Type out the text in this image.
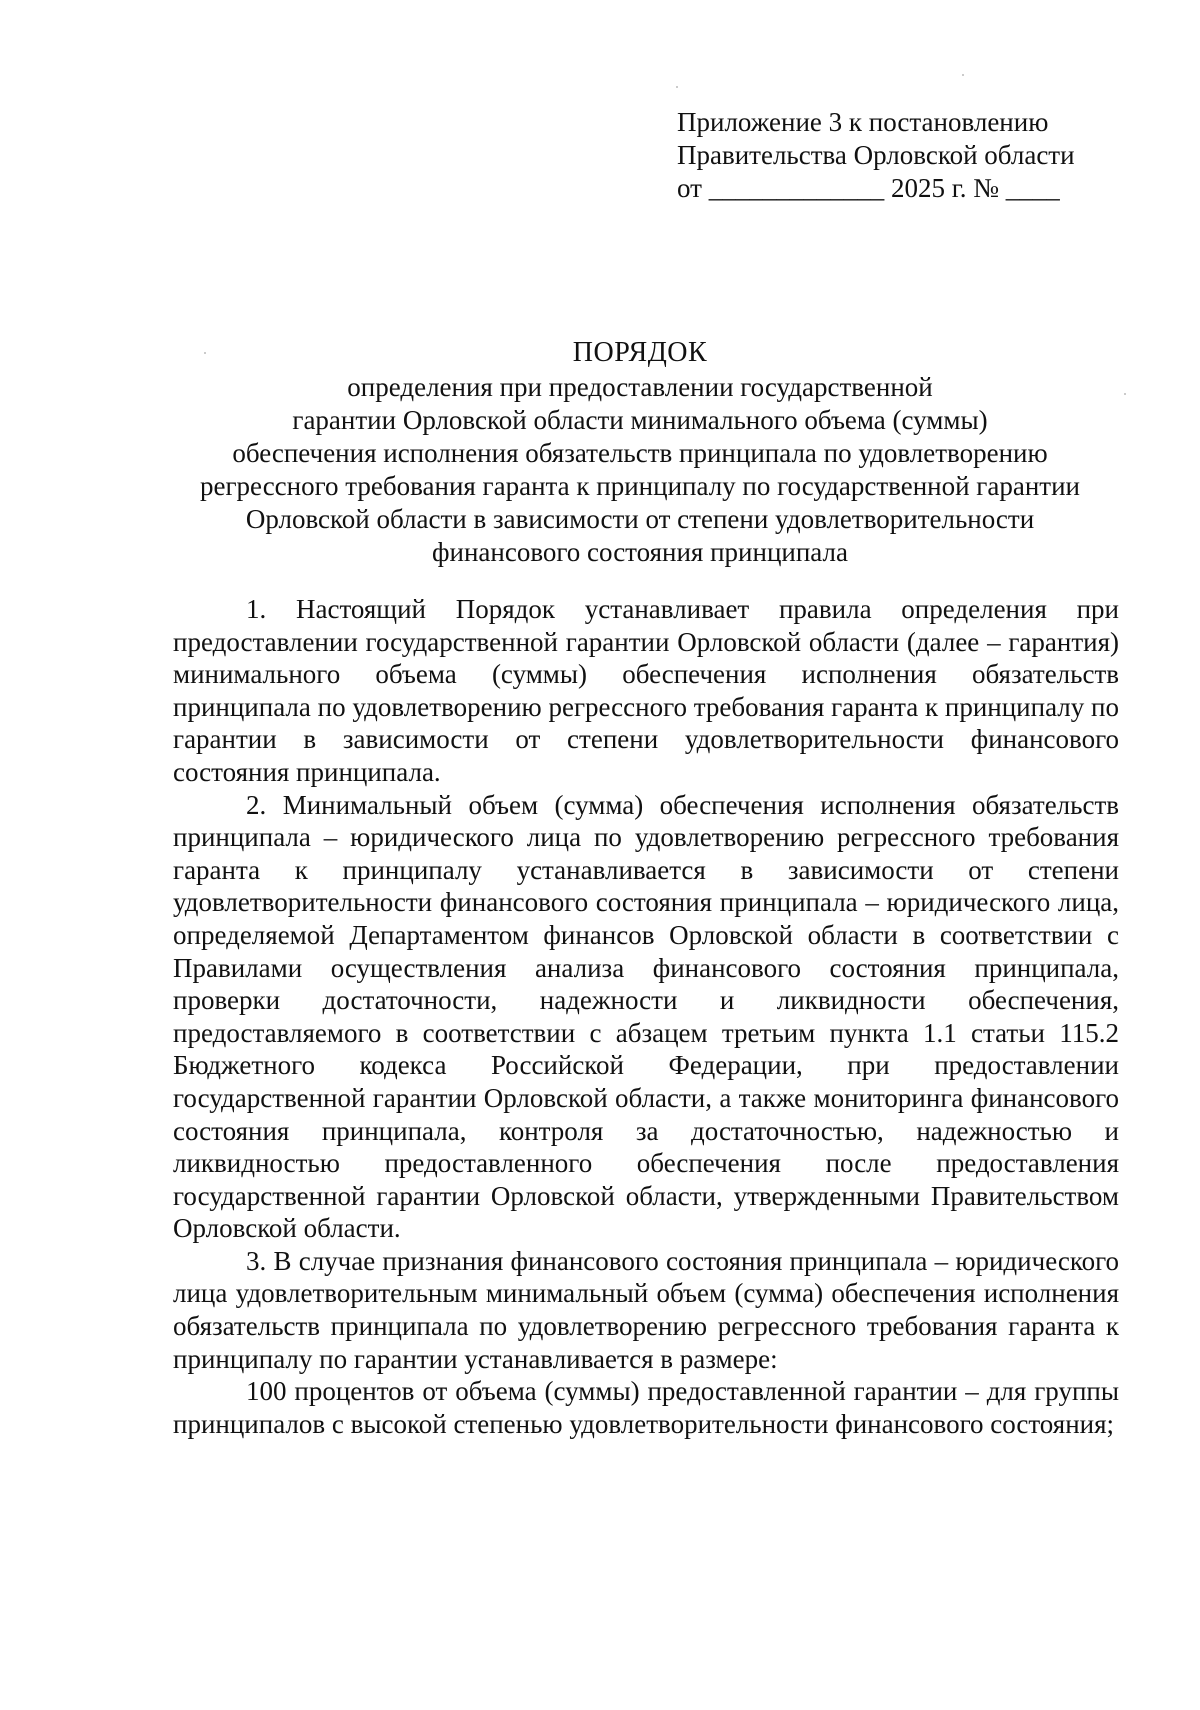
Приложение 3 к постановлению
Правительства Орловской области
от _____________ 2025 г. № ____
ПОРЯДОК
определения при предоставлении государственной
гарантии Орловской области минимального объема (суммы)
обеспечения исполнения обязательств принципала по удовлетворению
регрессного требования гаранта к принципалу по государственной гарантии
Орловской области в зависимости от степени удовлетворительности
финансового состояния принципала

1. Настоящий Порядок устанавливает правила определения при предоставлении государственной гарантии Орловской области (далее – гарантия) минимального объема (суммы) обеспечения исполнения обязательств принципала по удовлетворению регрессного требования гаранта к принципалу по гарантии в зависимости от степени удовлетворительности финансового состояния принципала.

2. Минимальный объем (сумма) обеспечения исполнения обязательств принципала – юридического лица по удовлетворению регрессного требования гаранта к принципалу устанавливается в зависимости от степени удовлетворительности финансового состояния принципала – юридического лица, определяемой Департаментом финансов Орловской области в соответствии с Правилами осуществления анализа финансового состояния принципала, проверки достаточности, надежности и ликвидности обеспечения, предоставляемого в соответствии с абзацем третьим пункта 1.1 статьи 115.2 Бюджетного кодекса Российской Федерации, при предоставлении государственной гарантии Орловской области, а также мониторинга финансового состояния принципала, контроля за достаточностью, надежностью и ликвидностью предоставленного обеспечения после предоставления государственной гарантии Орловской области, утвержденными Правительством Орловской области.

3. В случае признания финансового состояния принципала – юридического лица удовлетворительным минимальный объем (сумма) обеспечения исполнения обязательств принципала по удовлетворению регрессного требования гаранта к принципалу по гарантии устанавливается в размере:

100 процентов от объема (суммы) предоставленной гарантии – для группы принципалов с высокой степенью удовлетворительности финансового состояния;
